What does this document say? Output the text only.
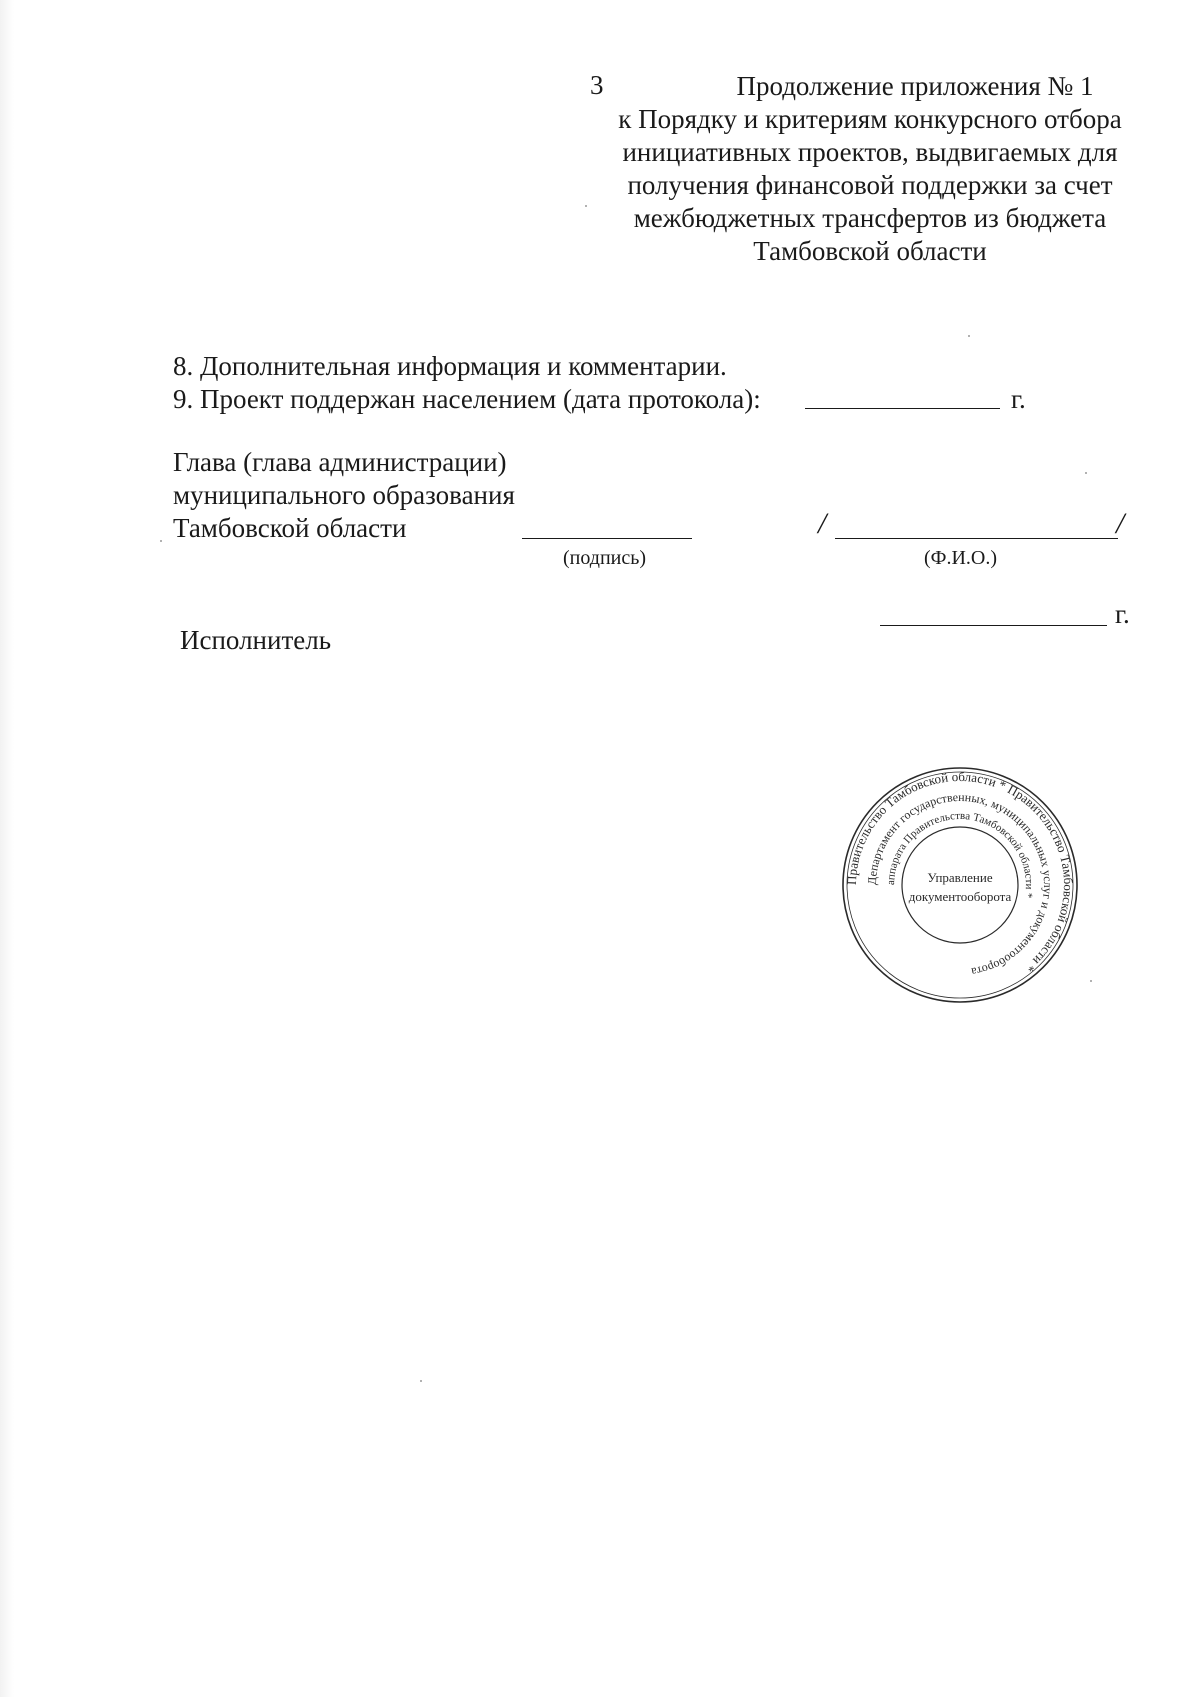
3	Продолжение приложения № 1
к Порядку и критериям конкурсного отбора
инициативных проектов, выдвигаемых для
получения финансовой поддержки за счет
межбюджетных трансфертов из бюджета
Тамбовской области
8. Дополнительная информация и комментарии.
9. Проект поддержан населением (дата протокола):	г.
Глава (глава администрации)
муниципального образования
Тамбовской области
(подпись)
/	/
(Ф.И.О.)
г.
Исполнитель
Правительство Тамбовской области * Правительство Тамбовской области *
Департамент государственных, муниципальных услуг и документооборота
аппарата Правительства Тамбовской области *
Управление
документооборота
